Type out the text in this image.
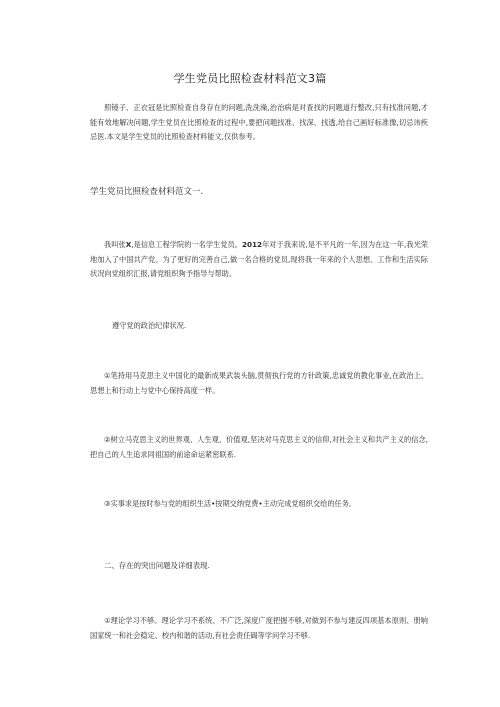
学生党员比照检查材料范文3篇

照镜子、正衣冠是比照检查自身存在的问题,洗洗澡,治治病是对查找的问题道行整改,只有找准问题,才能有效地解决问題,学生党员在比照检查的过程中,要把问题找准、找深、找透,给自己画好标准像,切忌讳疾忌医.本文是学生党员的比照检查材料能文,仅供参考。

学生党员比照检查材料范文一.

我叫张X,是信息工程学院的一名学生党员。2012年对于我来说,是不平凡的一年,因为在这一年,我光荣地加入了中国共产党。为了更好的完善自己,做一名合格的党员,现将我一年来的个人思想、工作和生活实际状况向党组织汇报,请党组织夠予指导与帮助。

遵守党的政治纪律状况.

①笔持用马克思主义中国化的最新成果武装头脑,贯彻执行党的方针政策,忠诚党的教化事业,在政治上、思想上和行动上与党中心保持高度一样。

②树立马克思主义的世界观、人生观、价值观,坚决对马克思主义的信仰,对社会主义和共产主义的信念,把自己的人生追求同祖国的前途命运紧密联系.

③实事求是按时参与党的组织生活•按期交纳党费•主动完成党组织交给的任务,

二、存在的突出问题及详细表现.

①理论学习不够。理论学习不系统、不广泛,深度广度把握不够,对做到不参与建反四项基本原则、册响国家统一和社会稳定、校内和谐的活动,有社会责任碣等学问学习不够.
